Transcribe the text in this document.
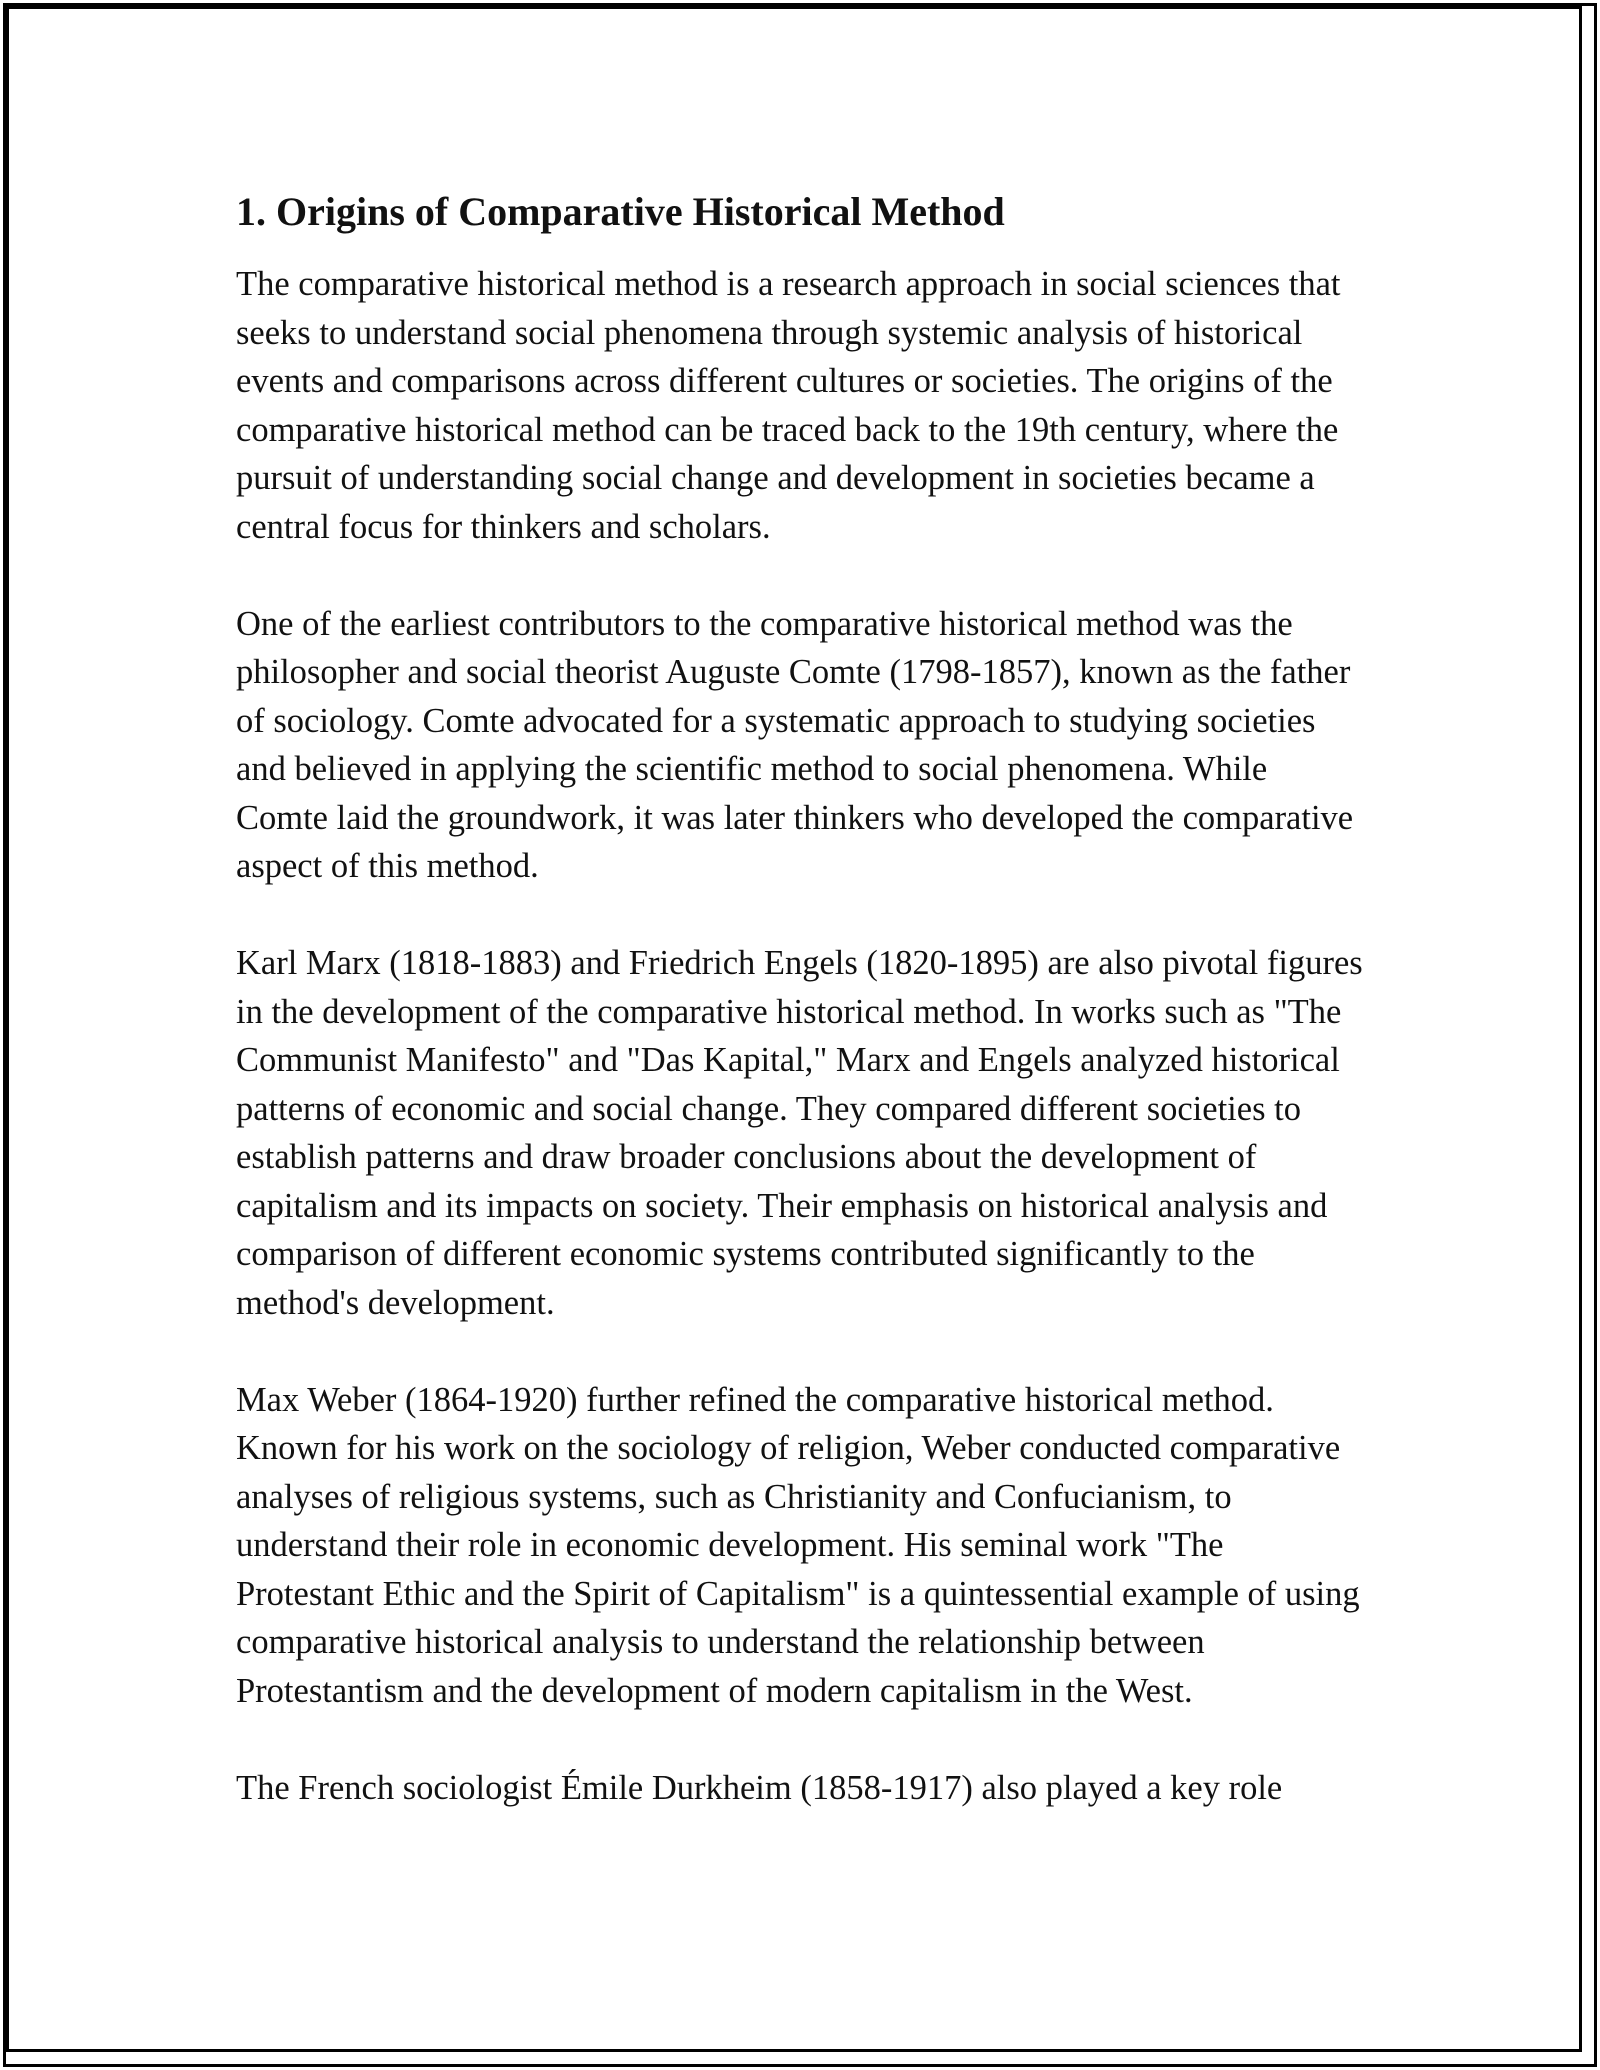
1. Origins of Comparative Historical Method

The comparative historical method is a research approach in social sciences that seeks to understand social phenomena through systemic analysis of historical events and comparisons across different cultures or societies. The origins of the comparative historical method can be traced back to the 19th century, where the pursuit of understanding social change and development in societies became a central focus for thinkers and scholars.

One of the earliest contributors to the comparative historical method was the philosopher and social theorist Auguste Comte (1798-1857), known as the father of sociology. Comte advocated for a systematic approach to studying societies and believed in applying the scientific method to social phenomena. While Comte laid the groundwork, it was later thinkers who developed the comparative aspect of this method.

Karl Marx (1818-1883) and Friedrich Engels (1820-1895) are also pivotal figures in the development of the comparative historical method. In works such as "The Communist Manifesto" and "Das Kapital," Marx and Engels analyzed historical patterns of economic and social change. They compared different societies to establish patterns and draw broader conclusions about the development of capitalism and its impacts on society. Their emphasis on historical analysis and comparison of different economic systems contributed significantly to the method's development.

Max Weber (1864-1920) further refined the comparative historical method. Known for his work on the sociology of religion, Weber conducted comparative analyses of religious systems, such as Christianity and Confucianism, to understand their role in economic development. His seminal work "The Protestant Ethic and the Spirit of Capitalism" is a quintessential example of using comparative historical analysis to understand the relationship between Protestantism and the development of modern capitalism in the West.

The French sociologist Émile Durkheim (1858-1917) also played a key role
